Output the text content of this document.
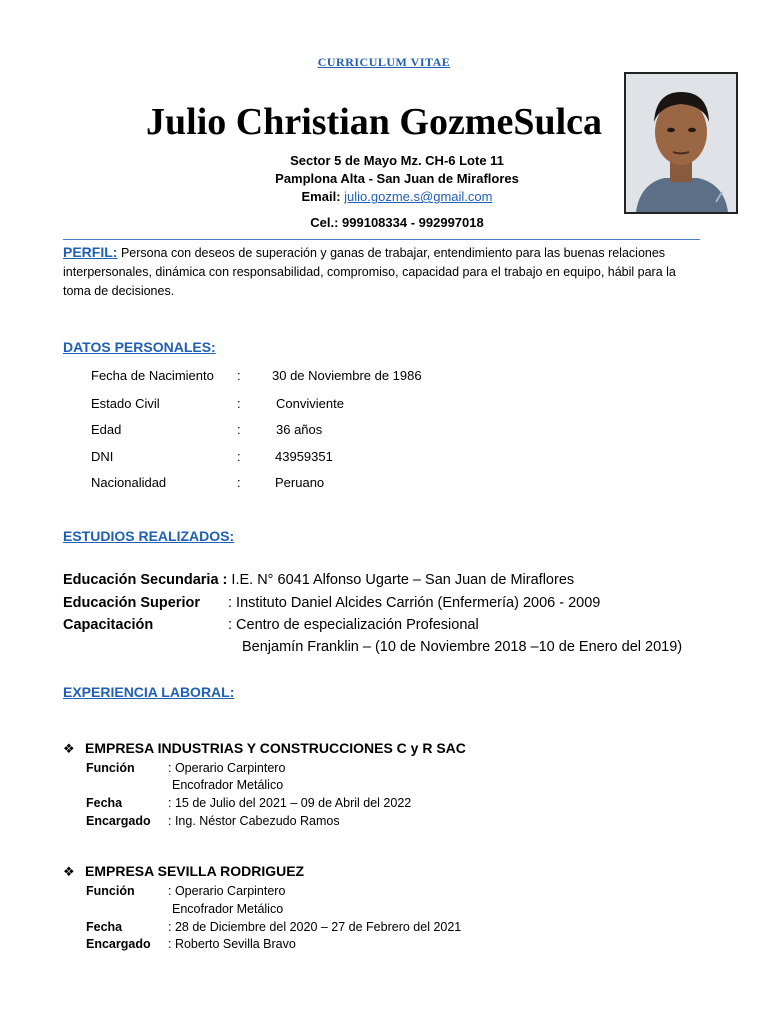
CURRICULUM VITAE
Julio Christian GozmeSulca
Sector 5 de Mayo Mz. CH-6 Lote 11
Pamplona Alta - San Juan de Miraflores
Email: julio.gozme.s@gmail.com
Cel.: 999108334 - 992997018
PERFIL: Persona con deseos de superación y ganas de trabajar, entendimiento para las buenas relaciones interpersonales, dinámica con responsabilidad, compromiso, capacidad para el trabajo en equipo, hábil para la toma de decisiones.
DATOS PERSONALES:
Fecha de Nacimiento : 30 de Noviembre de 1986
Estado Civil	:	Conviviente
Edad	:	36 años
DNI	:	43959351
Nacionalidad	:	Peruano
ESTUDIOS REALIZADOS:
Educación Secundaria : I.E. N° 6041 Alfonso Ugarte – San Juan de Miraflores
Educación Superior : Instituto Daniel Alcides Carrión (Enfermería) 2006 - 2009
Capacitación	: Centro de especialización Profesional
Benjamín Franklin – (10 de Noviembre 2018 –10 de Enero del 2019)
EXPERIENCIA LABORAL:
❖ EMPRESA INDUSTRIAS Y CONSTRUCCIONES C y R SAC
Función	: Operario Carpintero
Encofrador Metálico
Fecha	: 15 de Julio del 2021 – 09 de Abril del 2022
Encargado : Ing. Néstor Cabezudo Ramos
❖ EMPRESA SEVILLA RODRIGUEZ
Función	: Operario Carpintero
Encofrador Metálico
Fecha	: 28 de Diciembre del 2020 – 27 de Febrero del 2021
Encargado : Roberto Sevilla Bravo
